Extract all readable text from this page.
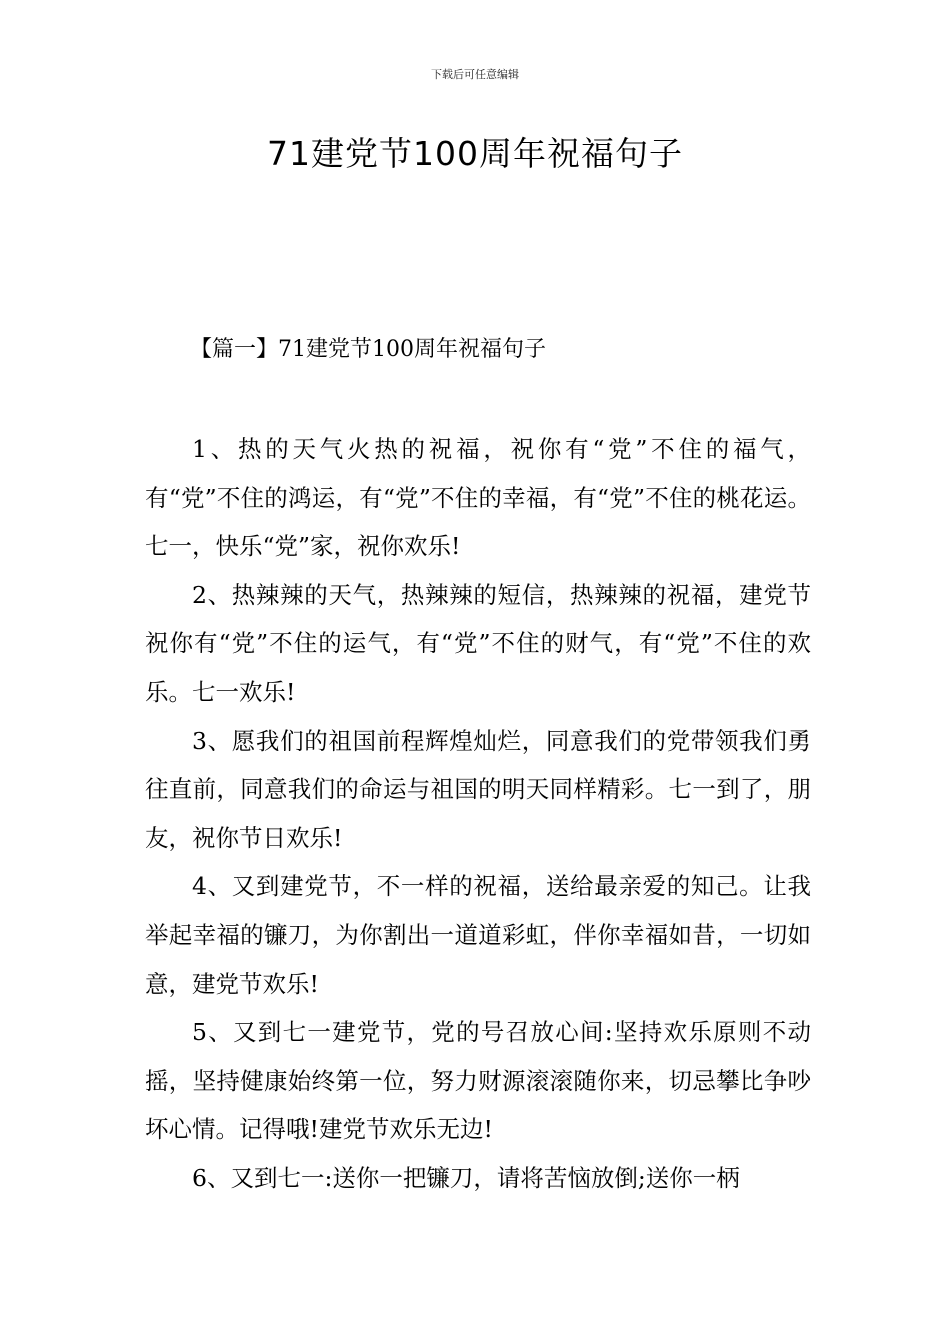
下载后可任意编辑
71建党节100周年祝福句子
【篇一】71建党节100周年祝福句子

1、热的天气火热的祝福，祝你有“党”不住的福气，有“党”不住的鸿运，有“党”不住的幸福，有“党”不住的桃花运。七一，快乐“党”家，祝你欢乐!

2、热辣辣的天气，热辣辣的短信，热辣辣的祝福，建党节祝你有“党”不住的运气，有“党”不住的财气，有“党”不住的欢乐。七一欢乐!

3、愿我们的祖国前程辉煌灿烂，同意我们的党带领我们勇往直前，同意我们的命运与祖国的明天同样精彩。七一到了，朋友，祝你节日欢乐!

4、又到建党节，不一样的祝福，送给最亲爱的知己。让我举起幸福的镰刀，为你割出一道道彩虹，伴你幸福如昔，一切如意，建党节欢乐!

5、又到七一建党节，党的号召放心间:坚持欢乐原则不动摇，坚持健康始终第一位，努力财源滚滚随你来，切忌攀比争吵坏心情。记得哦!建党节欢乐无边!

6、又到七一:送你一把镰刀，请将苦恼放倒;送你一柄
